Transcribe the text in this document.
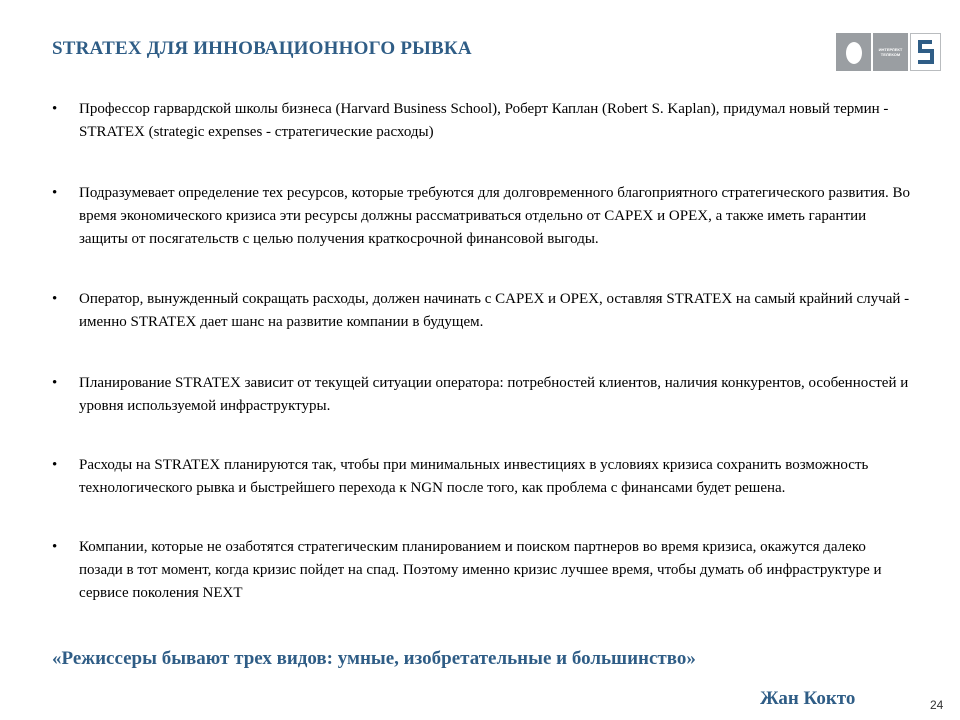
STRATEX ДЛЯ ИННОВАЦИОННОГО РЫВКА	ИНТЕРЛЕКТ
ТЕЛЕКОМ
• Профессор гарвардской школы бизнеса (Harvard Business School), Роберт Каплан (Robert S. Kaplan), придумал новый термин - STRATEX (strategic expenses - стратегические расходы)
• Подразумевает определение тех ресурсов, которые требуются для долговременного благоприятного стратегического развития. Во время экономического кризиса эти ресурсы должны рассматриваться отдельно от CAPEX и OPEX, а также иметь гарантии защиты от посягательств с целью получения краткосрочной финансовой выгоды.
• Оператор, вынужденный сокращать расходы, должен начинать с CAPEX и OPEX, оставляя STRATEX на самый крайний случай - именно STRATEX дает шанс на развитие компании в будущем.
• Планирование STRATEX зависит от текущей ситуации оператора: потребностей клиентов, наличия конкурентов, особенностей и уровня используемой инфраструктуры.
• Расходы на STRATEX планируются так, чтобы при минимальных инвестициях в условиях кризиса сохранить возможность технологического рывка и быстрейшего перехода к NGN после того, как проблема с финансами будет решена.
• Компании, которые не озаботятся стратегическим планированием и поиском партнеров во время кризиса, окажутся далеко позади в тот момент, когда кризис пойдет на спад. Поэтому именно кризис лучшее время, чтобы думать об инфраструктуре и сервисе поколения NEXT
«Режиссеры бывают трех видов: умные, изобретательные и большинство»
Жан Кокто	24
